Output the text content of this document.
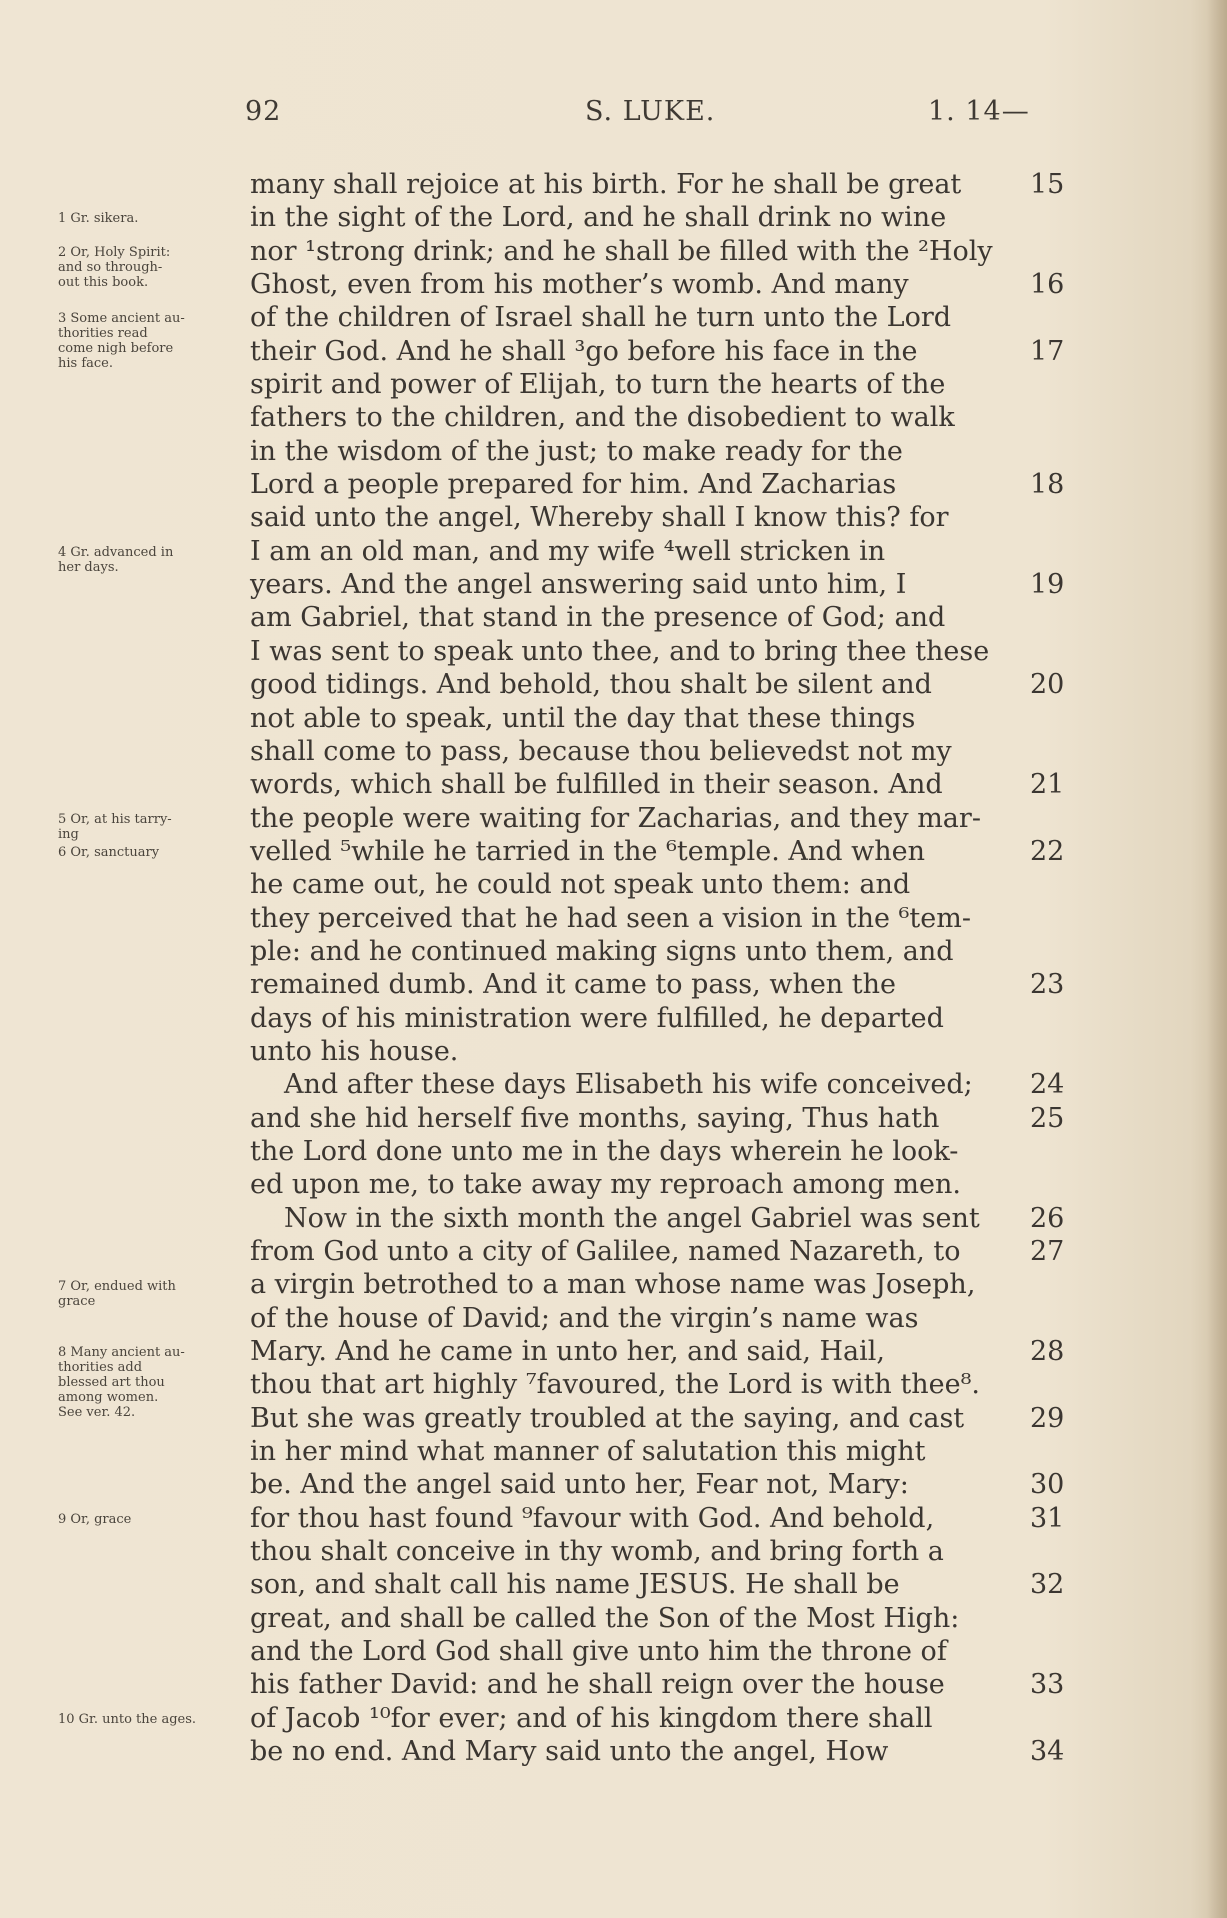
92	S. LUKE.	1. 14—
many shall rejoice at his birth. For he shall be great	15
in the sight of the Lord, and he shall drink no wine
nor ¹strong drink; and he shall be filled with the ²Holy
Ghost, even from his mother’s womb. And many	16
of the children of Israel shall he turn unto the Lord
their God. And he shall ³go before his face in the	17
spirit and power of Elijah, to turn the hearts of the
fathers to the children, and the disobedient to walk
in the wisdom of the just; to make ready for the
Lord a people prepared for him. And Zacharias	18
said unto the angel, Whereby shall I know this? for
I am an old man, and my wife ⁴well stricken in
years. And the angel answering said unto him, I	19
am Gabriel, that stand in the presence of God; and
I was sent to speak unto thee, and to bring thee these
good tidings. And behold, thou shalt be silent and	20
not able to speak, until the day that these things
shall come to pass, because thou believedst not my
words, which shall be fulfilled in their season. And	21
the people were waiting for Zacharias, and they mar-
velled ⁵while he tarried in the ⁶temple. And when	22
he came out, he could not speak unto them: and
they perceived that he had seen a vision in the ⁶tem-
ple: and he continued making signs unto them, and
remained dumb. And it came to pass, when the	23
days of his ministration were fulfilled, he departed
unto his house.
And after these days Elisabeth his wife conceived; 24
and she hid herself five months, saying, Thus hath	25
the Lord done unto me in the days wherein he look-
ed upon me, to take away my reproach among men.
Now in the sixth month the angel Gabriel was sent 26
from God unto a city of Galilee, named Nazareth, to	27
a virgin betrothed to a man whose name was Joseph,
of the house of David; and the virgin’s name was
Mary. And he came in unto her, and said, Hail,	28
thou that art highly ⁷favoured, the Lord is with thee⁸.
But she was greatly troubled at the saying, and cast 29
in her mind what manner of salutation this might
be. And the angel said unto her, Fear not, Mary:	30
for thou hast found ⁹favour with God. And behold,	31
thou shalt conceive in thy womb, and bring forth a
son, and shalt call his name JESUS. He shall be	32
great, and shall be called the Son of the Most High:
and the Lord God shall give unto him the throne of
his father David: and he shall reign over the house	33
of Jacob ¹⁰for ever; and of his kingdom there shall
be no end. And Mary said unto the angel, How	34
1 Gr. sikera.
2 Or, Holy Spirit:
and so through-
out this book.
3 Some ancient au-
thorities read
come nigh before
his face.
4 Gr. advanced in
her days.
5 Or, at his tarry-
ing
6 Or, sanctuary
7 Or, endued with
grace
8 Many ancient au-
thorities add
blessed art thou
among women.
See ver. 42.
9 Or, grace
10 Gr. unto the ages.
